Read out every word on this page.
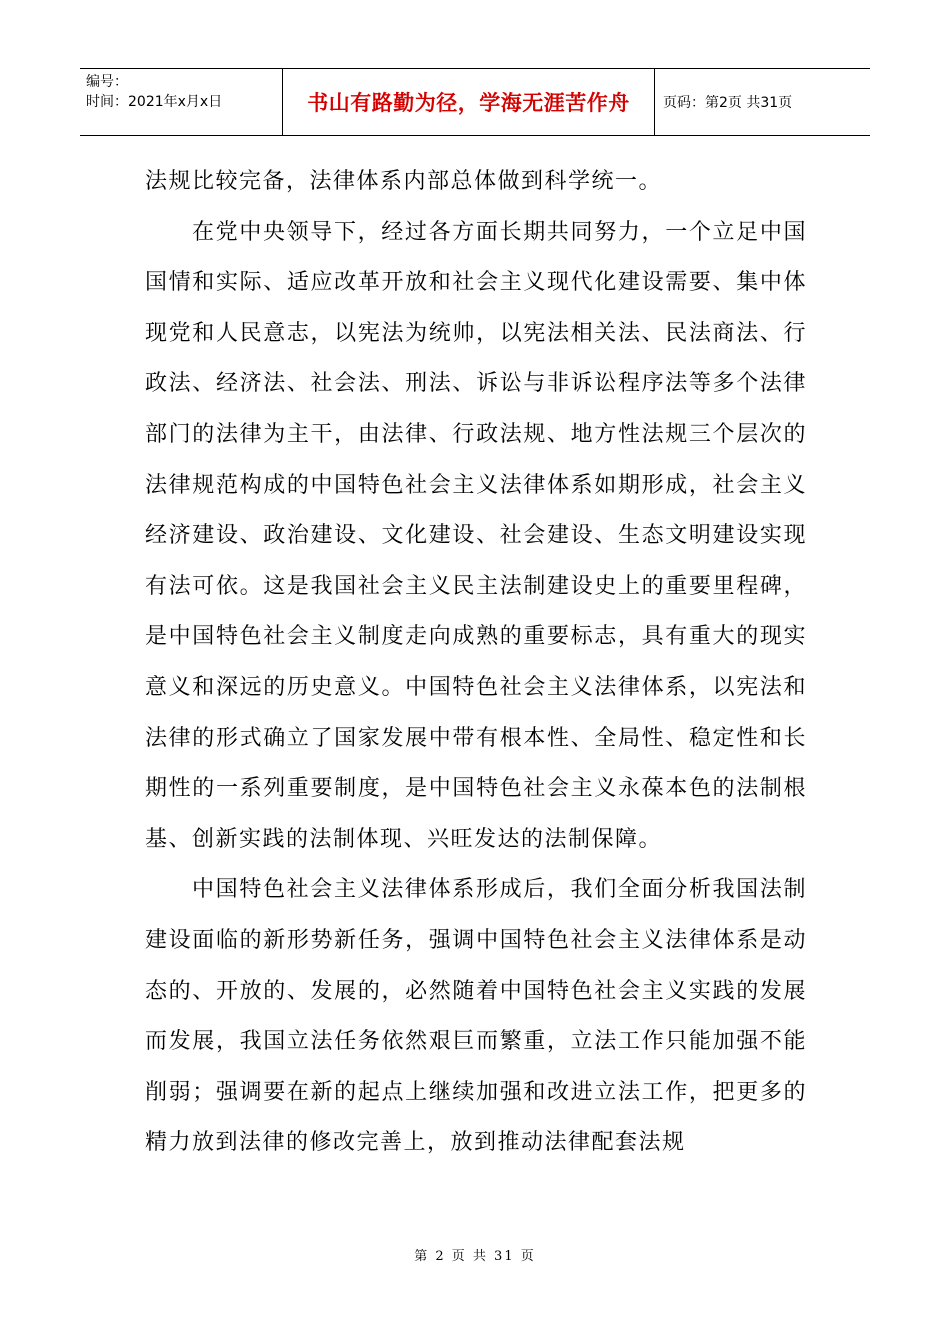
编号：
时间：2021年x月x日	书山有路勤为径，学海无涯苦作舟	页码：第2页 共31页

法规比较完备，法律体系内部总体做到科学统一。

在党中央领导下，经过各方面长期共同努力，一个立足中国国情和实际、适应改革开放和社会主义现代化建设需要、集中体现党和人民意志，以宪法为统帅，以宪法相关法、民法商法、行政法、经济法、社会法、刑法、诉讼与非诉讼程序法等多个法律部门的法律为主干，由法律、行政法规、地方性法规三个层次的法律规范构成的中国特色社会主义法律体系如期形成，社会主义经济建设、政治建设、文化建设、社会建设、生态文明建设实现有法可依。这是我国社会主义民主法制建设史上的重要里程碑，是中国特色社会主义制度走向成熟的重要标志，具有重大的现实意义和深远的历史意义。中国特色社会主义法律体系，以宪法和法律的形式确立了国家发展中带有根本性、全局性、稳定性和长期性的一系列重要制度，是中国特色社会主义永葆本色的法制根基、创新实践的法制体现、兴旺发达的法制保障。

中国特色社会主义法律体系形成后，我们全面分析我国法制建设面临的新形势新任务，强调中国特色社会主义法律体系是动态的、开放的、发展的，必然随着中国特色社会主义实践的发展而发展，我国立法任务依然艰巨而繁重，立法工作只能加强不能削弱；强调要在新的起点上继续加强和改进立法工作，把更多的精力放到法律的修改完善上，放到推动法律配套法规

第 2 页 共 31 页
